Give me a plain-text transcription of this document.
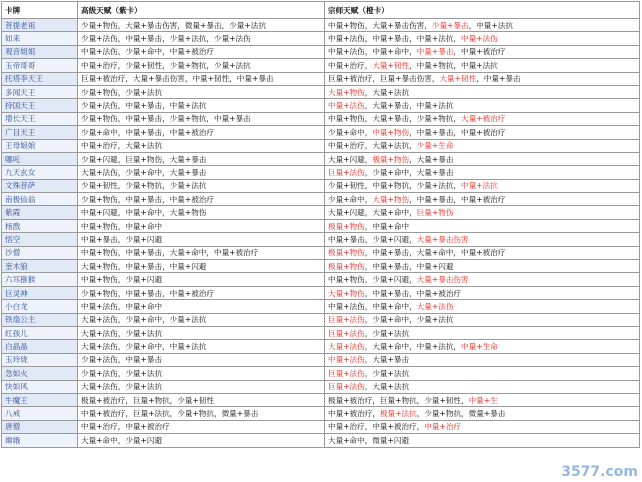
卡牌	高级天赋（紫卡）	宗师天赋（橙卡）
菩提老祖	少量+物伤，大量+暴击伤害，微量+暴击，少量+法抗	中量+物伤，大量+暴击伤害，少量+暴击，中量+法抗
如来	少量+法伤，中量+暴击，少量+法抗，少量+法伤	中量+法伤，中量+暴击，中量+法抗，中量+法伤
观音姐姐	中量+法伤，少量+命中，中量+被治疗	中量+法伤，中量+命中，中量+暴击，中量+被治疗
玉帝哥哥	中量+治疗，少量+韧性，少量+物抗，少量+法抗	中量+治疗，大量+韧性，中量+物抗，中量+法抗
托塔李天王	巨量+被治疗，大量+暴击伤害，中量+韧性，中量+暴击	巨量+被治疗，巨量+暴击伤害，大量+韧性，中量+暴击
多闻天王	少量+物伤，少量+法抗	大量+物伤，大量+法抗
持国天王	少量+法伤，中量+暴击，中量+法抗	中量+法伤，大量+暴击，中量+法抗
增长天王	少量+物伤，中量+暴击，少量+物抗，中量+暴击	中量+物伤，大量+暴击，少量+物抗，大量+被治疗
广目天王	少量+命中，中量+暴击，中量+被治疗	少量+命中，中量+物伤，中量+暴击，中量+被治疗
王母娘娘	中量+治疗，大量+法抗	中量+治疗，大量+法抗，少量+生命
哪吒	少量+闪避，巨量+物伤，大量+暴击	大量+闪避，极量+物伤，大量+暴击
九天玄女	大量+法伤，少量+命中，大量+暴击	巨量+法伤，少量+命中，大量+暴击
文殊菩萨	少量+韧性，少量+物抗，少量+法抗	少量+韧性，中量+物抗，少量+法抗，中量+法抗
南极仙翁	少量+物伤，中量+暴击，中量+被治疗	少量+命中，大量+物伤，中量+暴击，中量+被治疗
紫霞	中量+闪避，中量+命中，大量+物伤	大量+闪避，大量+命中，巨量+物伤
杨戬	中量+物伤，中量+命中	极量+物伤，中量+命中
悟空	中量+暴击，少量+闪避	中量+暴击，少量+闪避，大量+暴击伤害
沙僧	中量+物伤，中量+暴击，大量+命中，中量+被治疗	极量+物伤，中量+暴击，大量+命中，中量+被治疗
奎木狼	大量+物伤，中量+暴击，中量+闪避	极量+物伤，中量+暴击，中量+闪避
六耳猕猴	中量+物伤，少量+闪避	中量+物伤，少量+闪避，大量+暴击伤害
巨灵神	少量+物伤，中量+暴击，中量+被治疗	大量+物伤，中量+暴击，中量+被治疗
小白龙	中量+法伤，中量+命中	中量+法伤，中量+命中，大量+法伤
铁扇公主	大量+法伤，少量+命中，少量+法抗	巨量+法伤，少量+命中，少量+法抗
红孩儿	大量+法伤，少量+法抗	巨量+法伤，少量+法抗
白晶晶	大量+法伤，少量+命中，中量+法抗	大量+法伤，大量+命中，中量+法抗，中量+生命
玉玲珑	少量+法伤，中量+暴击	中量+法伤，大量+暴击
急如火	少量+法伤，少量+法抗	巨量+法伤，少量+法抗
快如风	大量+法伤，少量+法抗	巨量+法伤，大量+法抗
牛魔王	极量+被治疗，巨量+物抗，少量+韧性	极量+被治疗，巨量+物抗，少量+韧性，中量+生
八戒	中量+被治疗，巨量+法抗，少量+物抗，微量+暴击	中量+被治疗，极量+法抗，少量+物抗，微量+暴击
唐僧	中量+治疗，中量+被治疗	中量+治疗，中量+被治疗，中量+治疗
嫦娥	大量+命中，少量+闪避	大量+命中，微量+闪避
3577.com
